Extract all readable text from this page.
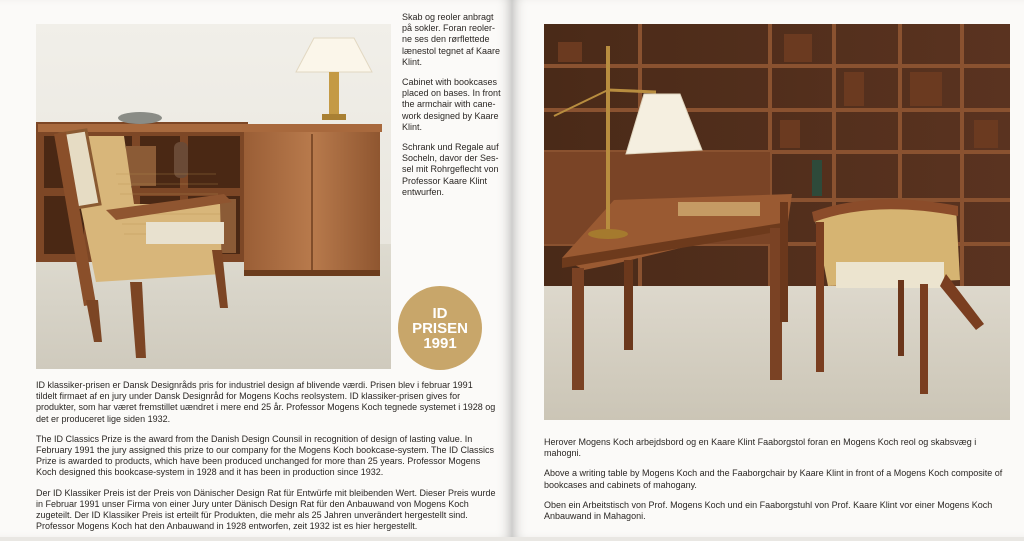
Skab og reoler anbragt
på sokler. Foran reoler-
ne ses den rørflettede
lænestol tegnet af Kaare
Klint.

Cabinet with bookcases
placed on bases. In front
the armchair with cane-
work designed by Kaare
Klint.

Schrank und Regale auf
Socheln, davor der Ses-
sel mit Rohrgeflecht von
Professor Kaare Klint
entwurfen.

ID
PRISEN
1991

ID klassiker-prisen er Dansk Designråds pris for industriel design af blivende værdi. Prisen blev i februar 1991 tildelt firmaet af en jury under Dansk Designråd for Mogens Kochs reolsystem. ID klassiker-prisen gives for produkter, som har været fremstillet uændret i mere end 25 år. Professor Mogens Koch tegnede systemet i 1928 og det er produceret lige siden 1932.

The ID Classics Prize is the award from the Danish Design Counsil in recognition of design of lasting value. In February 1991 the jury assigned this prize to our company for the Mogens Koch bookcase-system. The ID Classics Prize is awarded to products, which have been produced unchanged for more than 25 years. Professor Mogens Koch designed this bookcase-system in 1928 and it has been in production since 1932.

Der ID Klassiker Preis ist der Preis von Dänischer Design Rat für Entwürfe mit bleibenden Wert. Dieser Preis wurde in Februar 1991 unser Firma von einer Jury unter Dänisch Design Rat für den Anbauwand von Mogens Koch zugeteilt. Der ID Klassiker Preis ist erteilt für Produkten, die mehr als 25 Jahren unverändert hergestellt sind. Professor Mogens Koch hat den Anbauwand in 1928 entworfen, zeit 1932 ist es hier hergestellt.

Herover Mogens Koch arbejdsbord og en Kaare Klint Faaborgstol foran en Mogens Koch reol og skabsvæg i mahogni.

Above a writing table by Mogens Koch and the Faaborgchair by Kaare Klint in front of a Mogens Koch composite of bookcases and cabinets of mahogany.

Oben ein Arbeitstisch von Prof. Mogens Koch und ein Faaborgstuhl von Prof. Kaare Klint vor einer Mogens Koch Anbauwand in Mahagoni.
